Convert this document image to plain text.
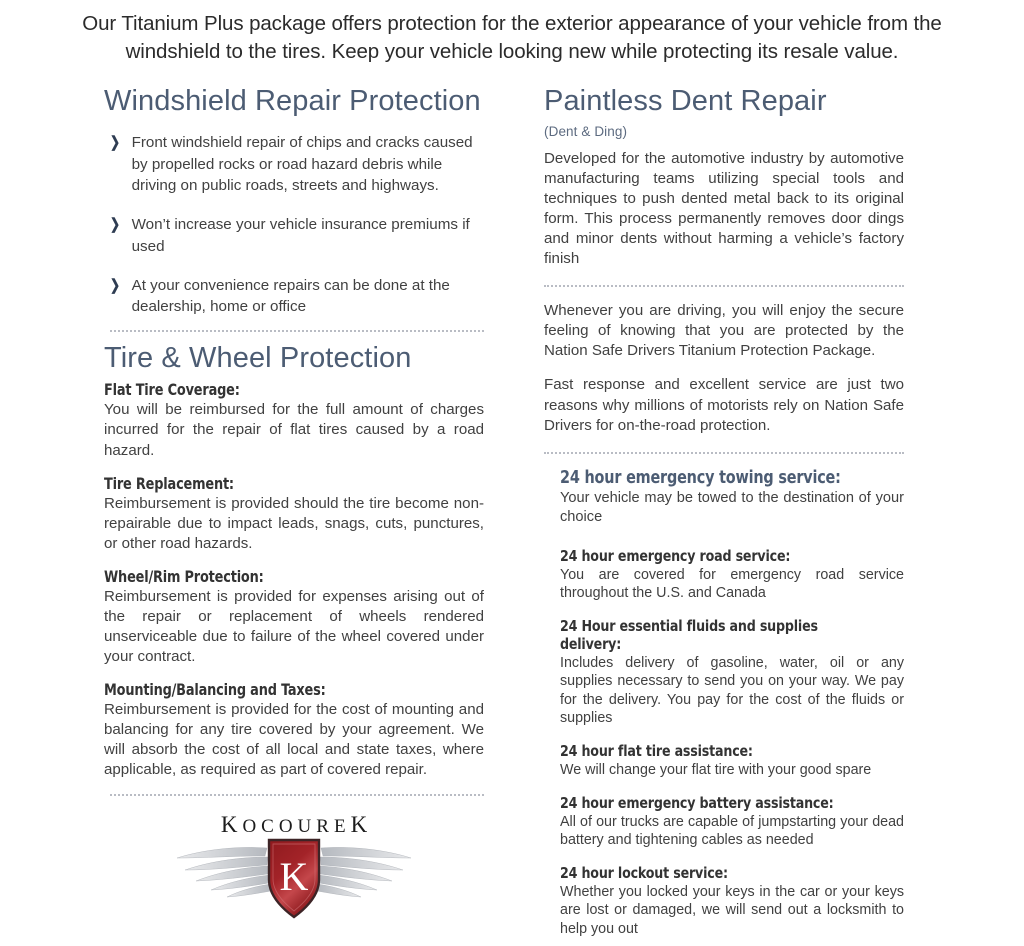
Our Titanium Plus package offers protection for the exterior appearance of your vehicle from the windshield to the tires. Keep your vehicle looking new while protecting its resale value.

Windshield Repair Protection
❯ Front windshield repair of chips and cracks caused by propelled rocks or road hazard debris while driving on public roads, streets and highways.
❯ Won’t increase your vehicle insurance premiums if used
❯ At your convenience repairs can be done at the dealership, home or office
Tire & Wheel Protection
Flat Tire Coverage:

You will be reimbursed for the full amount of charges incurred for the repair of flat tires caused by a road hazard.

Tire Replacement:

Reimbursement is provided should the tire become non-repairable due to impact leads, snags, cuts, punctures, or other road hazards.

Wheel/Rim Protection:

Reimbursement is provided for expenses arising out of the repair or replacement of wheels rendered unserviceable due to failure of the wheel covered under your contract.

Mounting/Balancing and Taxes:

Reimbursement is provided for the cost of mounting and balancing for any tire covered by your agreement. We will absorb the cost of all local and state taxes, where applicable, as required as part of covered repair.

KOCOUREK
K
Paintless Dent Repair
(Dent & Ding)

Developed for the automotive industry by automotive manufacturing teams utilizing special tools and techniques to push dented metal back to its original form. This process permanently removes door dings and minor dents without harming a vehicle’s factory finish

Whenever you are driving, you will enjoy the secure feeling of knowing that you are protected by the Nation Safe Drivers Titanium Protection Package.

Fast response and excellent service are just two reasons why millions of motorists rely on Nation Safe Drivers for on-the-road protection.

24 hour emergency towing service:
Your vehicle may be towed to the destination of your choice
24 hour emergency road service:
You are covered for emergency road service throughout the U.S. and Canada
24 Hour essential fluids and supplies delivery:
Includes delivery of gasoline, water, oil or any supplies necessary to send you on your way. We pay for the delivery. You pay for the cost of the fluids or supplies
24 hour flat tire assistance:
We will change your flat tire with your good spare
24 hour emergency battery assistance:
All of our trucks are capable of jumpstarting your dead battery and tightening cables as needed
24 hour lockout service:
Whether you locked your keys in the car or your keys are lost or damaged, we will send out a locksmith to help you out
